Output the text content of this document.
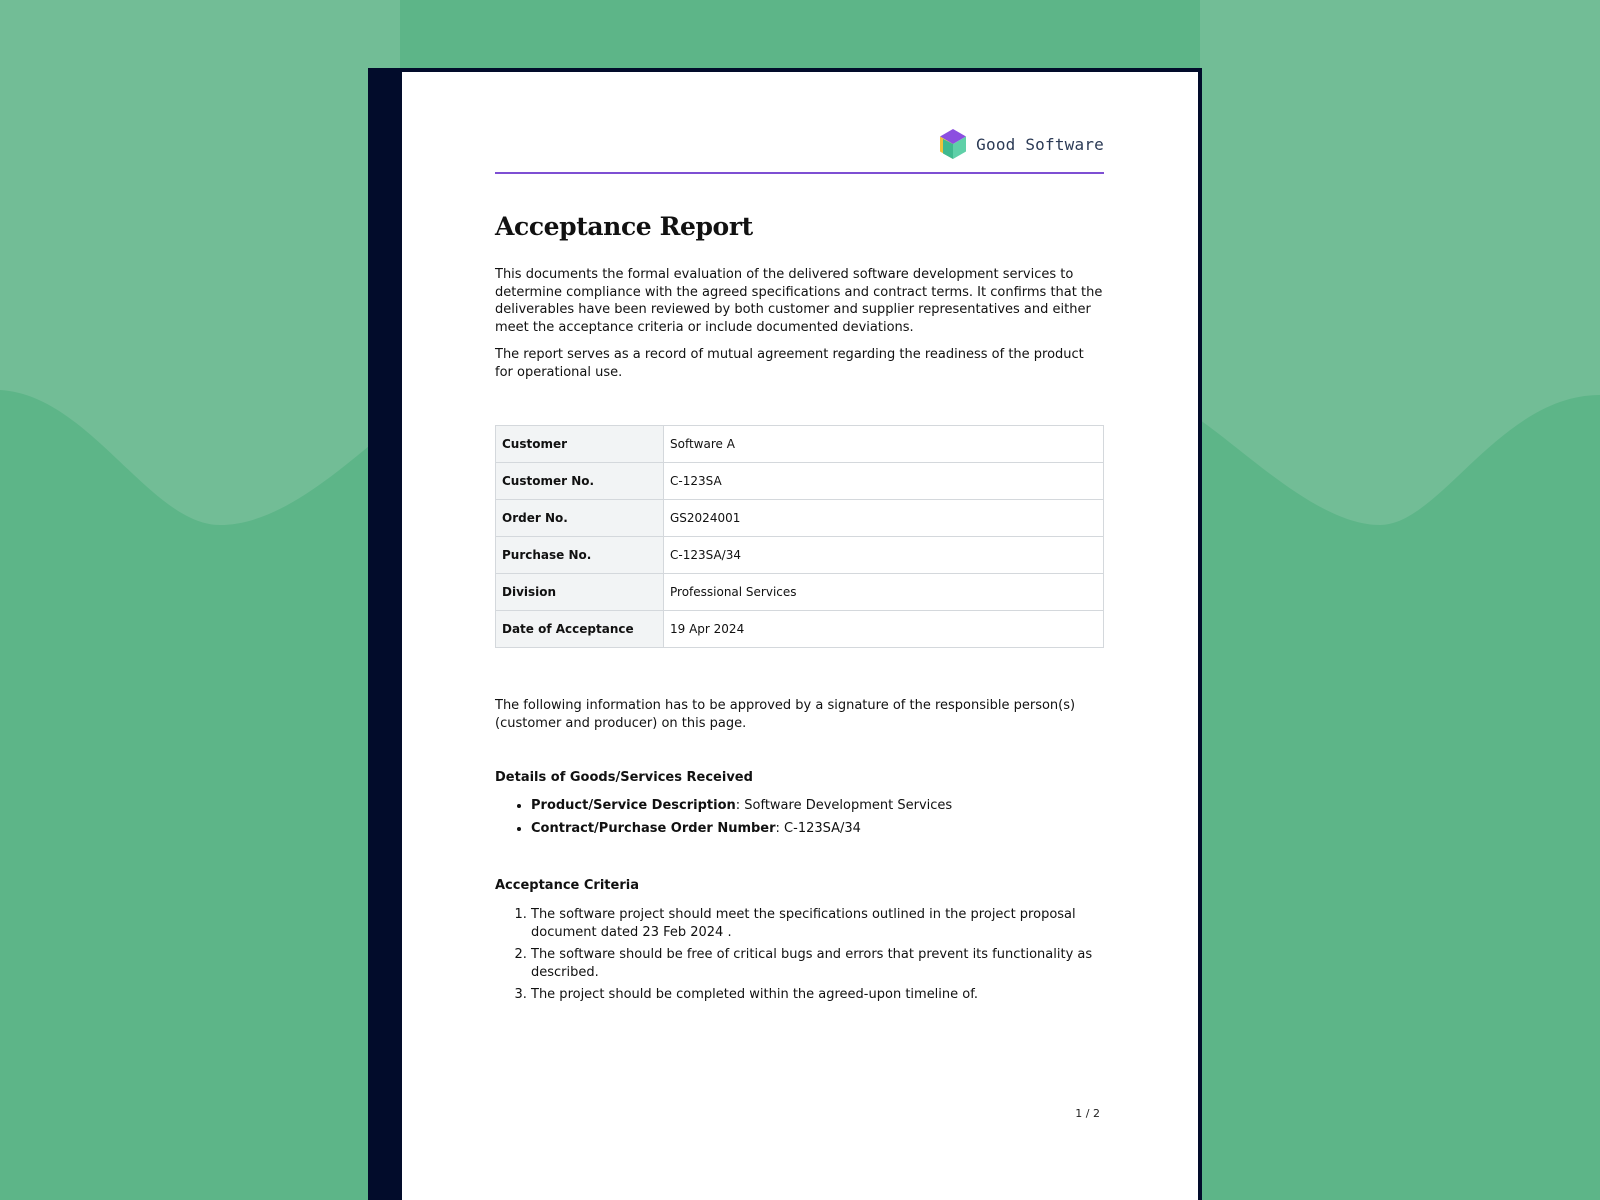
Good Software
Acceptance Report

This documents the formal evaluation of the delivered software development services to determine compliance with the agreed specifications and contract terms. It confirms that the deliverables have been reviewed by both customer and supplier representatives and either meet the acceptance criteria or include documented deviations.

The report serves as a record of mutual agreement regarding the readiness of the product for operational use.

Customer	Software A
Customer No.	C-123SA
Order No.	GS2024001
Purchase No.	C-123SA/34
Division	Professional Services
Date of Acceptance	19 Apr 2024

The following information has to be approved by a signature of the responsible person(s) (customer and producer) on this page.

Details of Goods/Services Received
• Product/Service Description: Software Development Services
• Contract/Purchase Order Number: C-123SA/34
Acceptance Criteria
1. The software project should meet the specifications outlined in the project proposal document dated 23 Feb 2024 .
2. The software should be free of critical bugs and errors that prevent its functionality as described.
3. The project should be completed within the agreed-upon timeline of.
1 / 2
